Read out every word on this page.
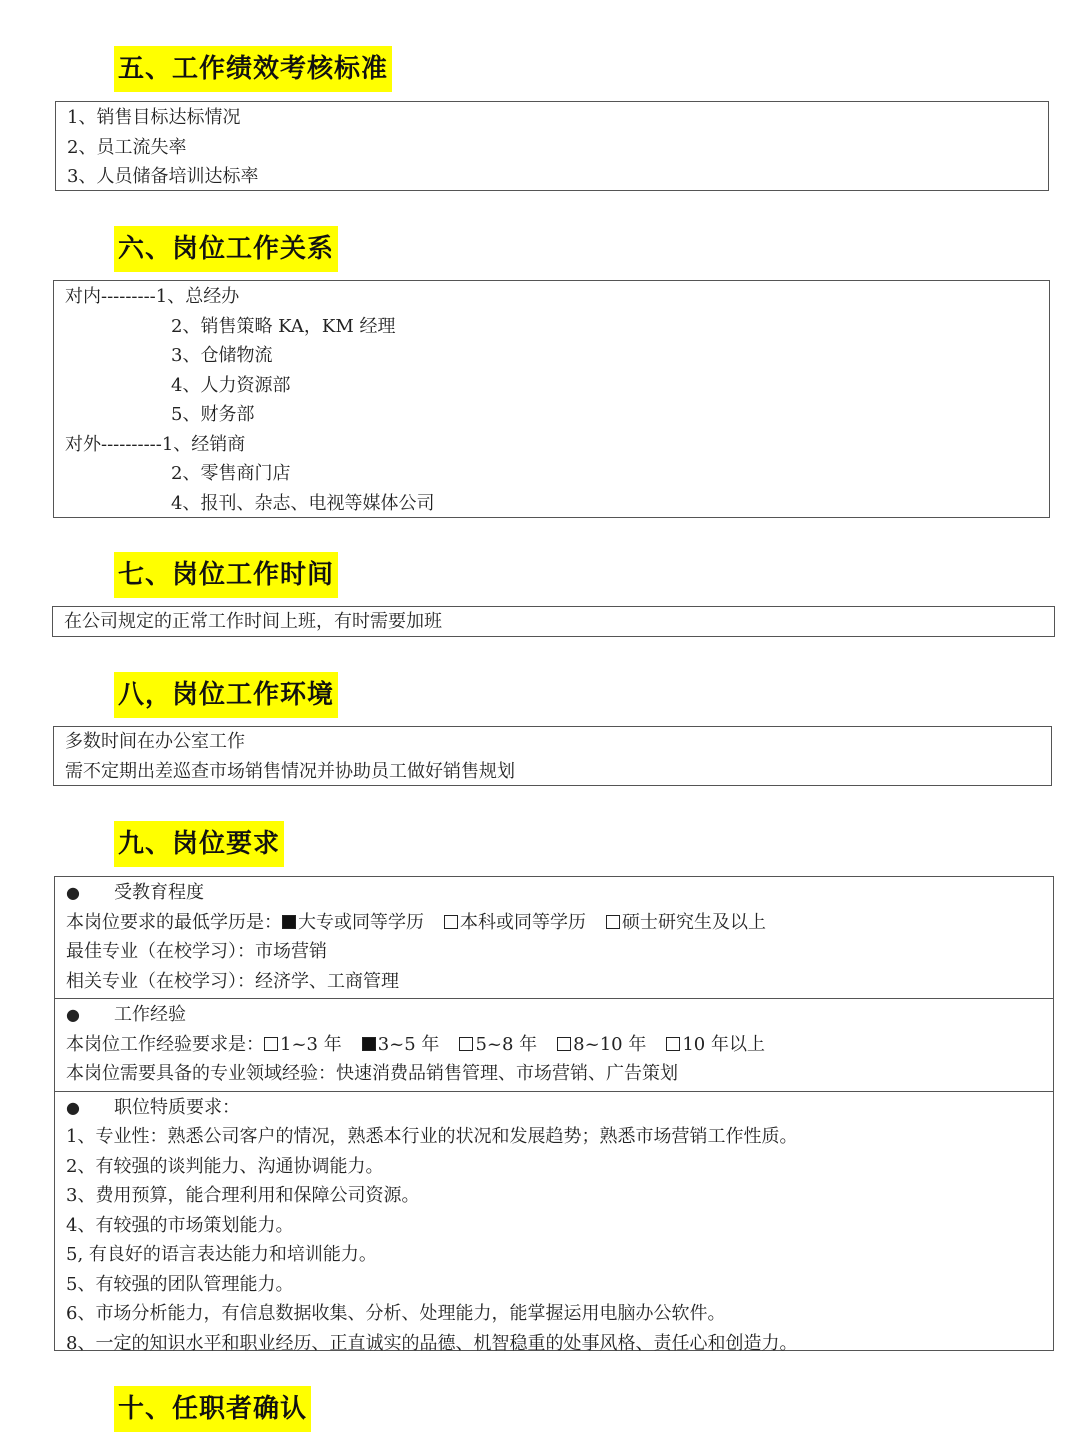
五、工作绩效考核标准
1、销售目标达标情况
2、员工流失率
3、人员储备培训达标率
六、岗位工作关系
对内---------1、总经办
2、销售策略 KA，KM 经理
3、仓储物流
4、人力资源部
5、财务部
对外----------1、经销商
2、零售商门店
4、报刊、杂志、电视等媒体公司
七、岗位工作时间
在公司规定的正常工作时间上班，有时需要加班
八，岗位工作环境
多数时间在办公室工作
需不定期出差巡查市场销售情况并协助员工做好销售规划
九、岗位要求
● 受教育程度
本岗位要求的最低学历是： 大专或同等学历 本科或同等学历 硕士研究生及以上
最佳专业（在校学习）：市场营销
相关专业（在校学习）：经济学、工商管理
● 工作经验
本岗位工作经验要求是： 1~3 年 3~5 年 5~8 年 8~10 年 10 年以上
本岗位需要具备的专业领域经验：快速消费品销售管理、市场营销、广告策划
● 职位特质要求：
1、专业性：熟悉公司客户的情况，熟悉本行业的状况和发展趋势；熟悉市场营销工作性质。
2、有较强的谈判能力、沟通协调能力。
3、费用预算，能合理利用和保障公司资源。
4、有较强的市场策划能力。
5, 有良好的语言表达能力和培训能力。
5、有较强的团队管理能力。
6、市场分析能力，有信息数据收集、分析、处理能力，能掌握运用电脑办公软件。
8、一定的知识水平和职业经历、正直诚实的品德、机智稳重的处事风格、责任心和创造力。
十、任职者确认
